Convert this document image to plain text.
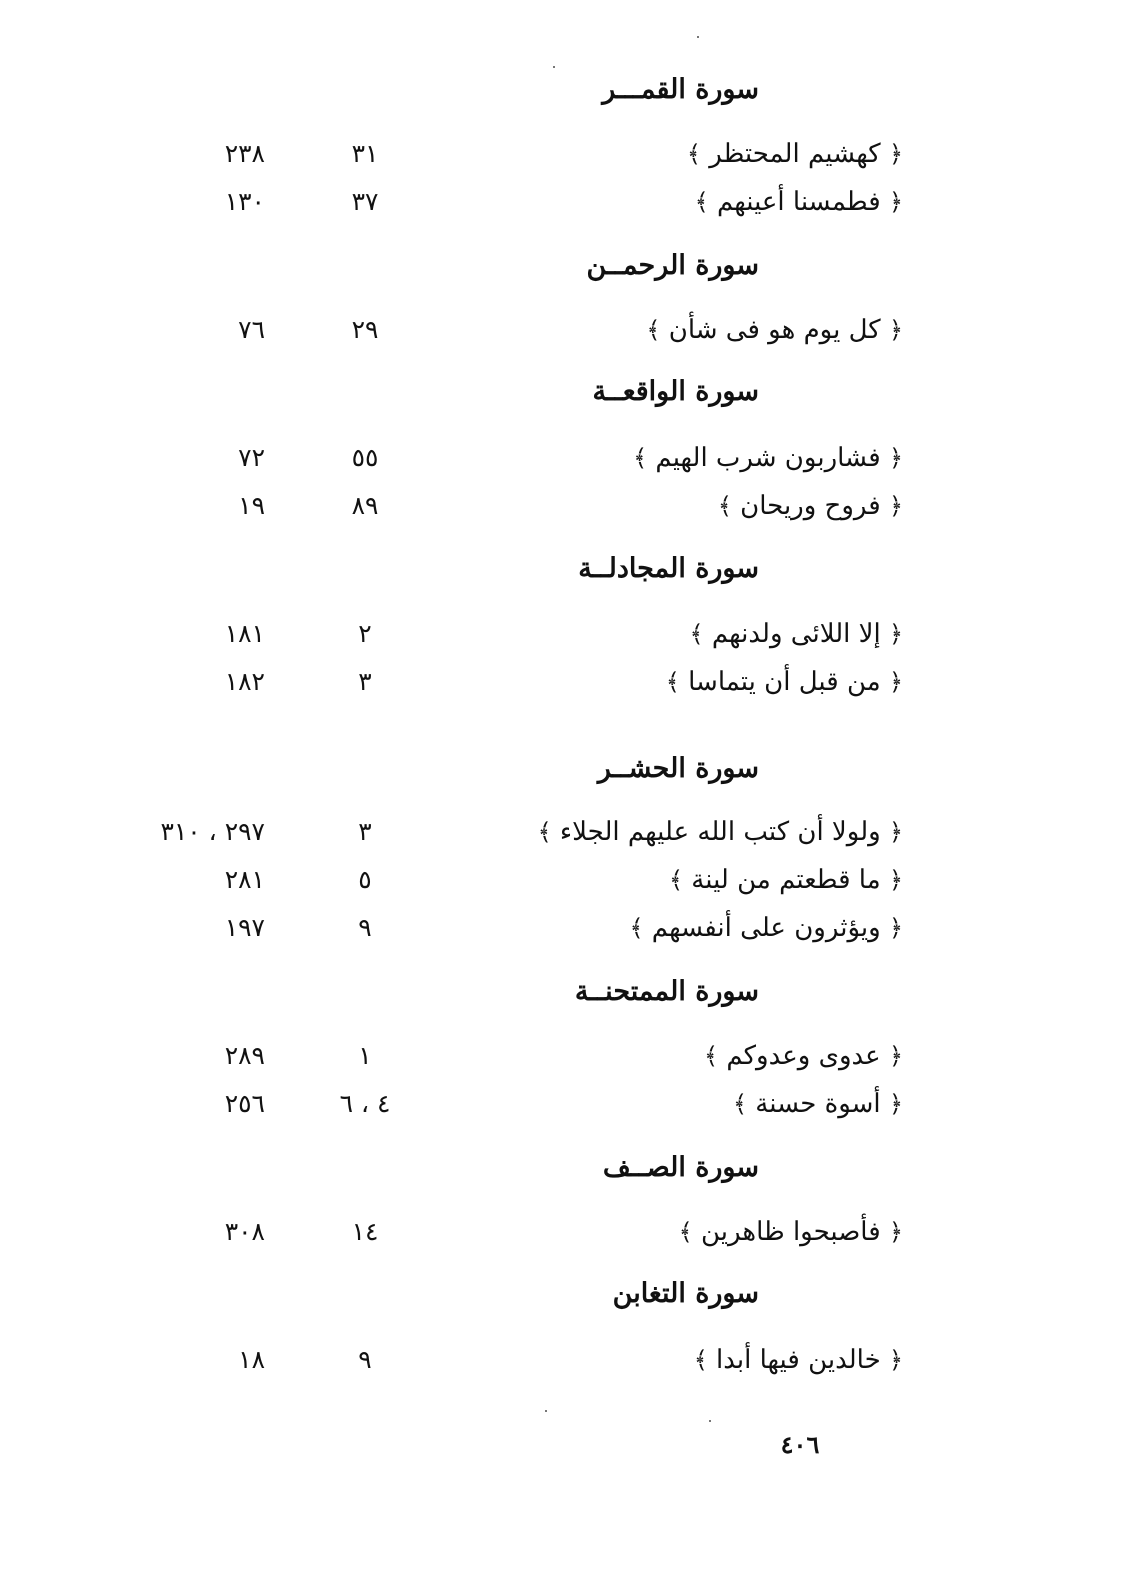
سورة القمـــر
﴿ كهشيم المحتظر ﴾
٣١
٢٣٨
﴿ فطمسنا أعينهم ﴾
٣٧
١٣٠
سورة الرحمــن
﴿ كل يوم هو فى شأن ﴾
٢٩
٧٦
سورة الواقعــة
﴿ فشاربون شرب الهيم ﴾
٥٥
٧٢
﴿ فروح وريحان ﴾
٨٩
١٩
سورة المجادلــة
﴿ إلا اللائى ولدنهم ﴾
٢
١٨١
﴿ من قبل أن يتماسا ﴾
٣
١٨٢
سورة الحشــر
﴿ ولولا أن كتب الله عليهم الجلاء ﴾
٣
٢٩٧ ، ٣١٠
﴿ ما قطعتم من لينة ﴾
٥
٢٨١
﴿ ويؤثرون على أنفسهم ﴾
٩
١٩٧
سورة الممتحنــة
﴿ عدوى وعدوكم ﴾
١
٢٨٩
﴿ أسوة حسنة ﴾
٤ ، ٦
٢٥٦
سورة الصــف
﴿ فأصبحوا ظاهرين ﴾
١٤
٣٠٨
سورة التغابن
﴿ خالدين فيها أبدا ﴾
٩
١٨
٤٠٦
